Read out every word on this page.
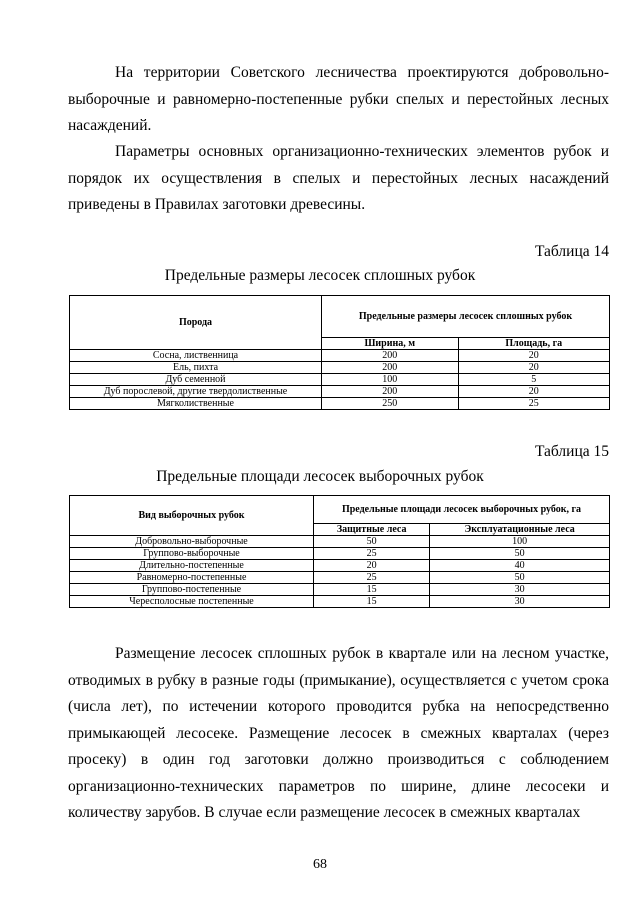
На территории Советского лесничества проектируются добровольно-выборочные и равномерно-постепенные рубки спелых и перестойных лесных насаждений.

Параметры основных организационно-технических элементов рубок и порядок их осуществления в спелых и перестойных лесных насаждений приведены в Правилах заготовки древесины.

Таблица 14

Предельные размеры лесосек сплошных рубок

Порода	Предельные размеры лесосек сплошных рубок	
	Ширина, м	Площадь, га
Сосна, лиственница	200	20
Ель, пихта	200	20
Дуб семенной	100	5
Дуб порослевой, другие твердолиственные	200	20
Мягколиственные	250	25

Таблица 15

Предельные площади лесосек выборочных рубок

Вид выборочных рубок	Предельные площади лесосек выборочных рубок, га	
	Защитные леса	Эксплуатационные леса
Добровольно-выборочные	50	100
Группово-выборочные	25	50
Длительно-постепенные	20	40
Равномерно-постепенные	25	50
Группово-постепенные	15	30
Чересполосные постепенные	15	30

Размещение лесосек сплошных рубок в квартале или на лесном участке, отводимых в рубку в разные годы (примыкание), осуществляется с учетом срока (числа лет), по истечении которого проводится рубка на непосредственно примыкающей лесосеке. Размещение лесосек в смежных кварталах (через просеку) в один год заготовки должно производиться с соблюдением организационно-технических параметров по ширине, длине лесосеки и количеству зарубов. В случае если размещение лесосек в смежных кварталах

68
